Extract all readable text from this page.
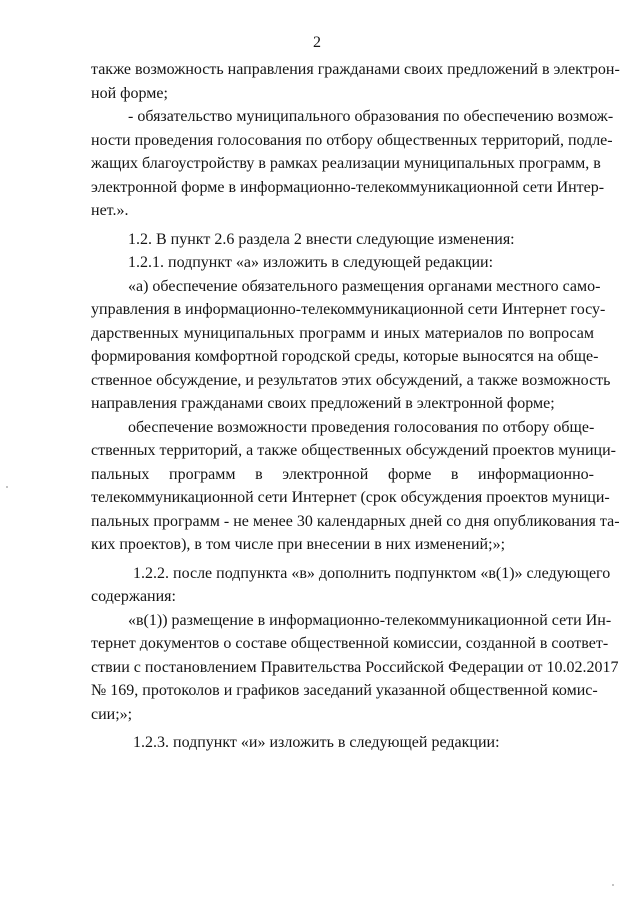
2
также возможность направления гражданами своих предложений в электрон-
ной форме;
- обязательство муниципального образования по обеспечению возмож-
ности проведения голосования по отбору общественных территорий, подле-
жащих благоустройству в рамках реализации муниципальных программ, в
электронной форме в информационно-телекоммуникационной сети Интер-
нет.».
1.2. В пункт 2.6 раздела 2 внести следующие изменения:
1.2.1. подпункт «а» изложить в следующей редакции:
«а) обеспечение обязательного размещения органами местного само-
управления в информационно-телекоммуникационной сети Интернет госу-
дарственных муниципальных программ и иных материалов по вопросам
формирования комфортной городской среды, которые выносятся на обще-
ственное обсуждение, и результатов этих обсуждений, а также возможность
направления гражданами своих предложений в электронной форме;
обеспечение возможности проведения голосования по отбору обще-
ственных территорий, а также общественных обсуждений проектов муници-
пальных программ в электронной форме в информационно-
телекоммуникационной сети Интернет (срок обсуждения проектов муници-
пальных программ - не менее 30 календарных дней со дня опубликования та-
ких проектов), в том числе при внесении в них изменений;»;
1.2.2. после подпункта «в» дополнить подпунктом «в(1)» следующего
содержания:
«в(1)) размещение в информационно-телекоммуникационной сети Ин-
тернет документов о составе общественной комиссии, созданной в соответ-
ствии с постановлением Правительства Российской Федерации от 10.02.2017
№ 169, протоколов и графиков заседаний указанной общественной комис-
сии;»;
1.2.3. подпункт «и» изложить в следующей редакции:
